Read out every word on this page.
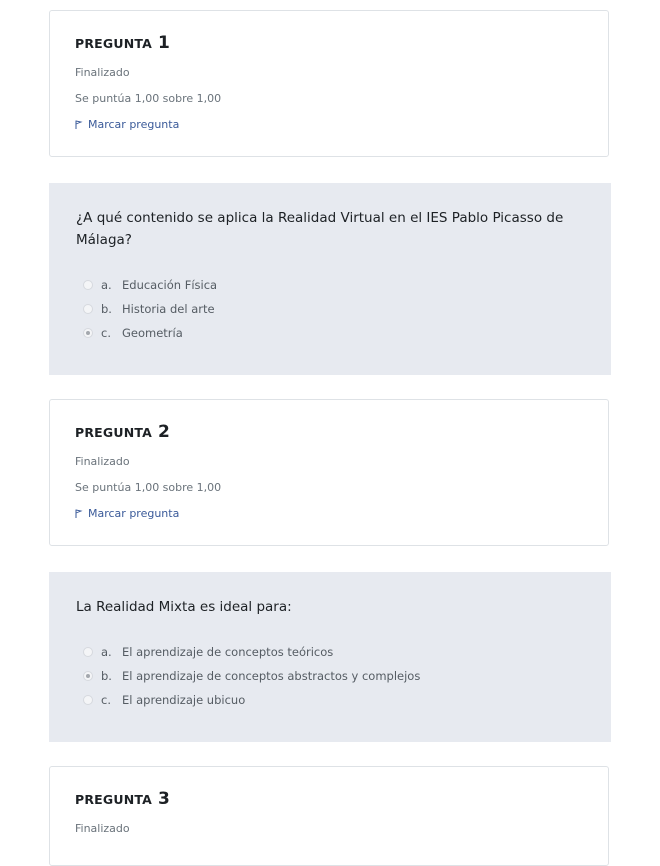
PREGUNTA 1
Finalizado
Se puntúa 1,00 sobre 1,00
Marcar pregunta
¿A qué contenido se aplica la Realidad Virtual en el IES Pablo Picasso de Málaga?
a. Educación Física
b. Historia del arte
c. Geometría
PREGUNTA 2
Finalizado
Se puntúa 1,00 sobre 1,00
Marcar pregunta
La Realidad Mixta es ideal para:
a. El aprendizaje de conceptos teóricos
b. El aprendizaje de conceptos abstractos y complejos
c. El aprendizaje ubicuo
PREGUNTA 3
Finalizado
